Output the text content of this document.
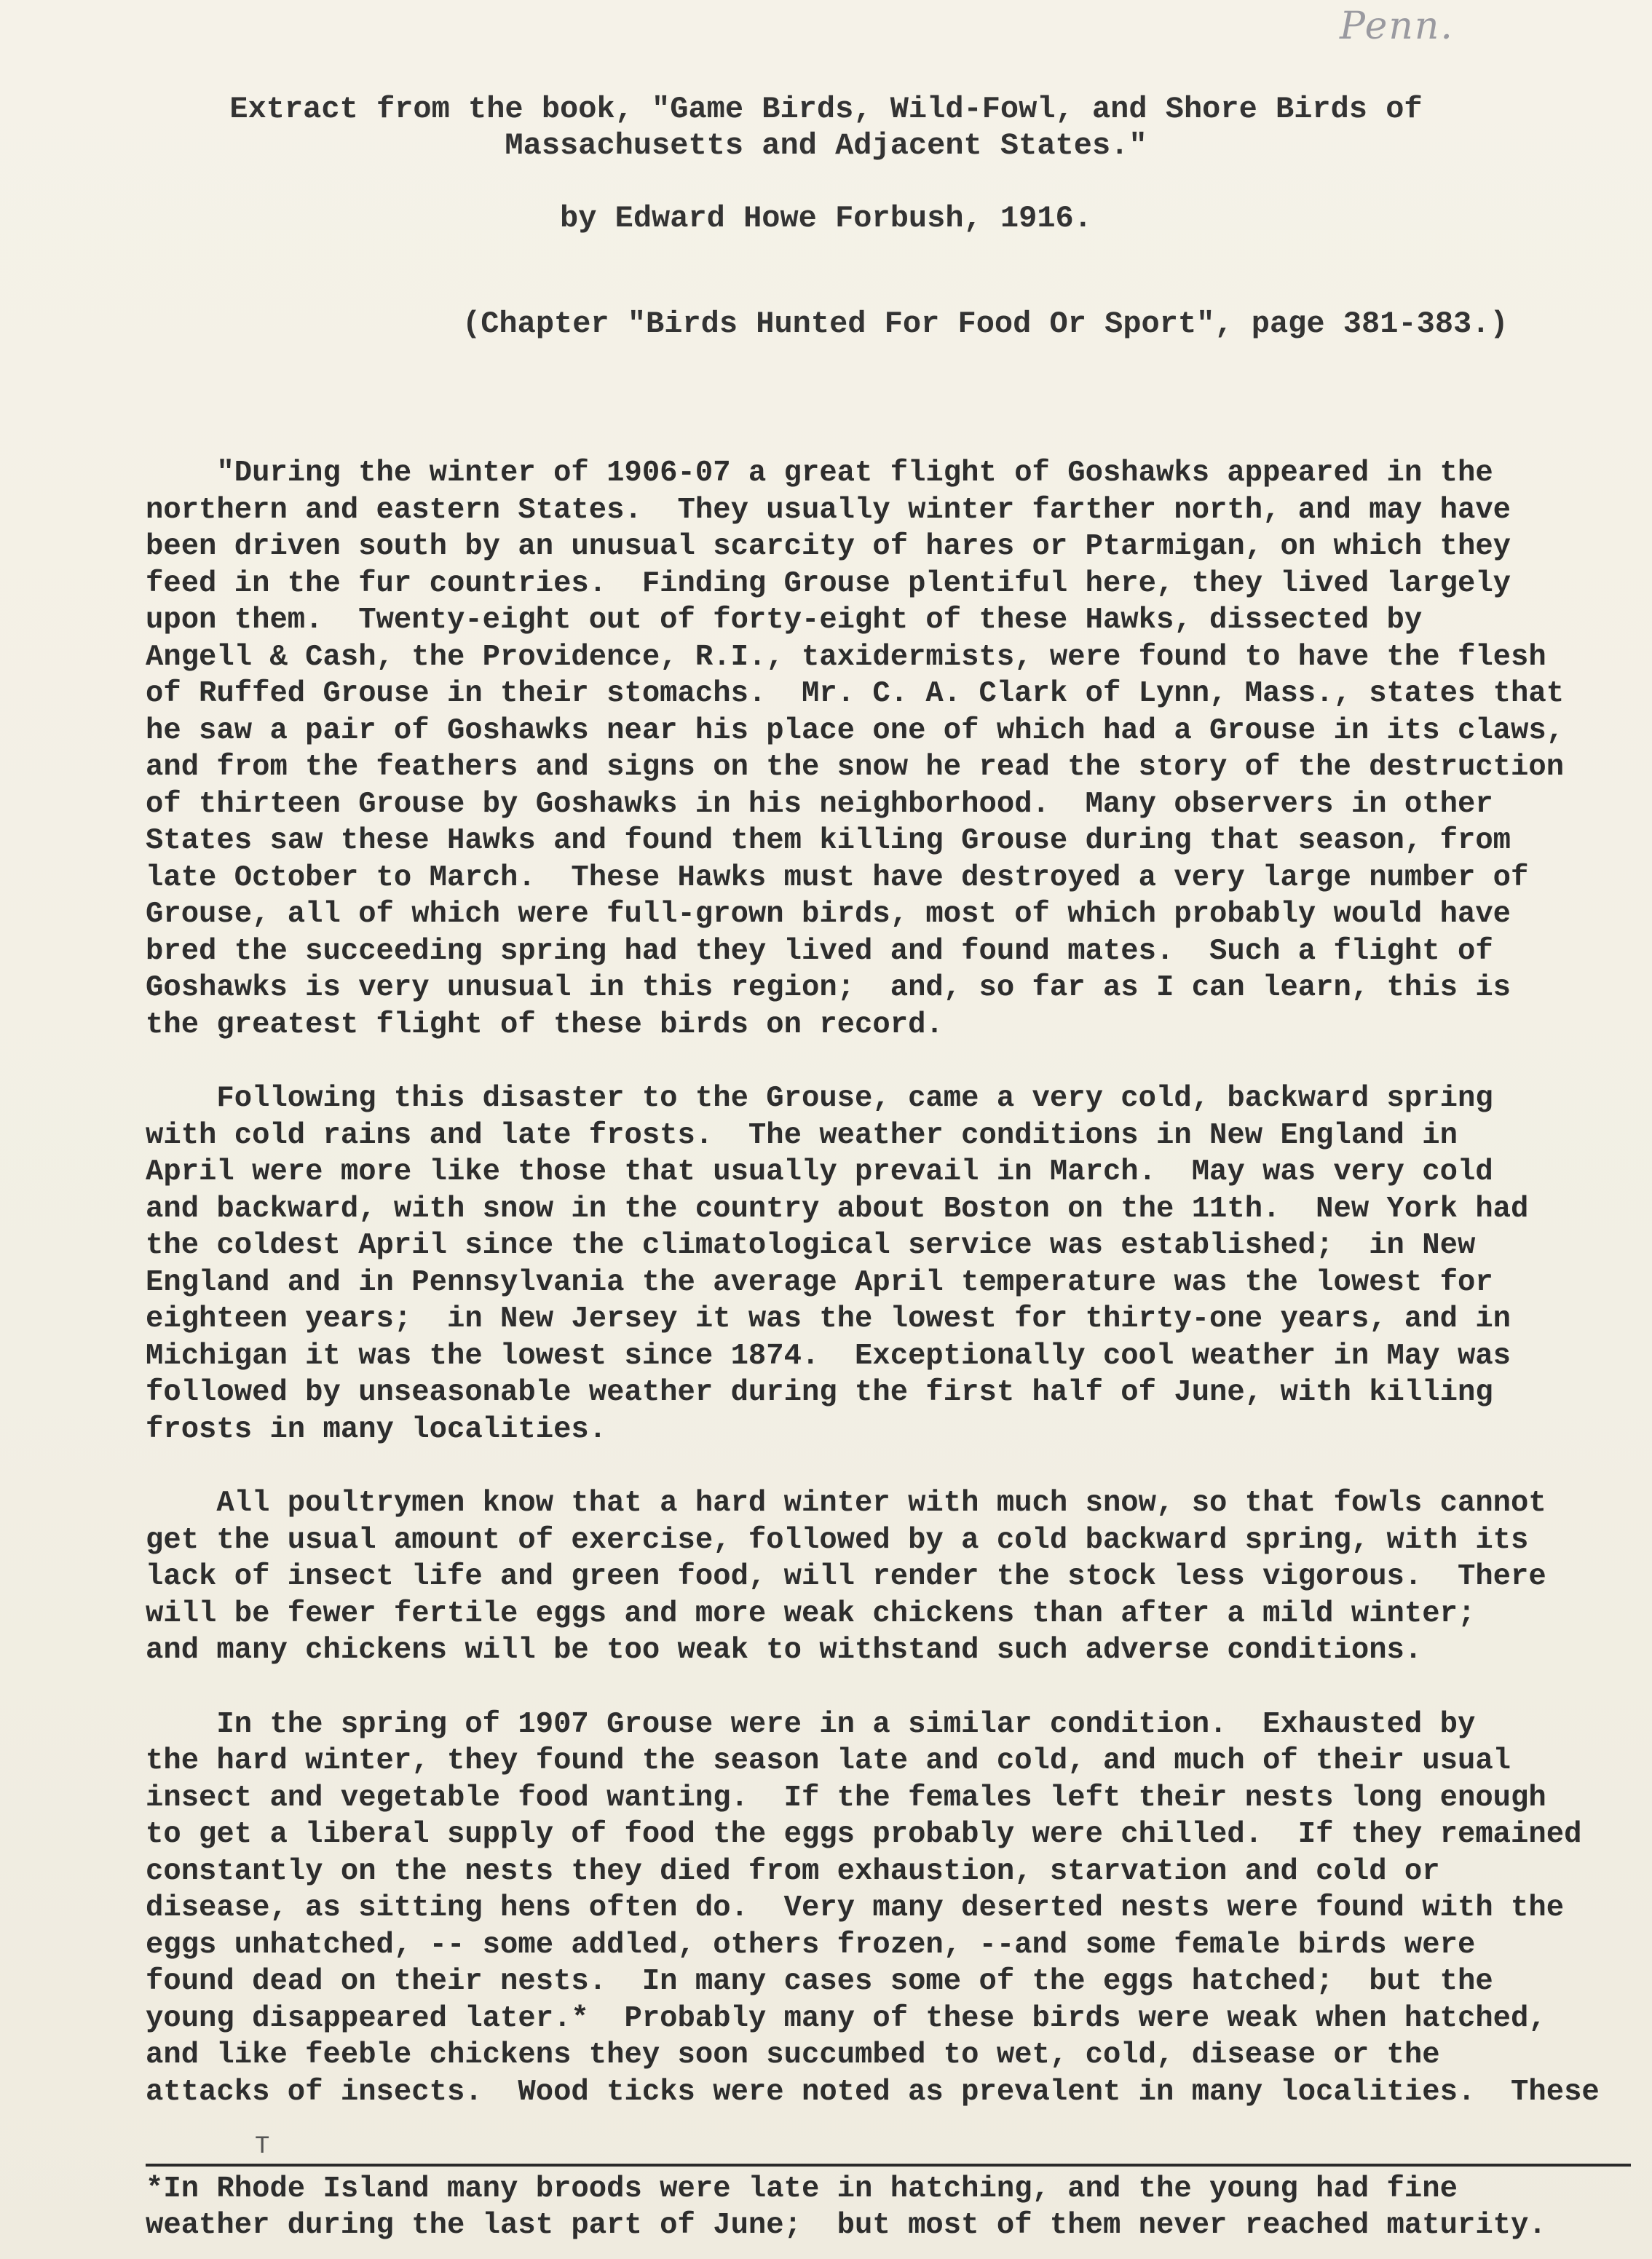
Penn.
Extract from the book, "Game Birds, Wild-Fowl, and Shore Birds of
Massachusetts and Adjacent States."
by Edward Howe Forbush, 1916.
(Chapter "Birds Hunted For Food Or Sport", page 381-383.)
"During the winter of 1906-07 a great flight of Goshawks appeared in the
northern and eastern States.  They usually winter farther north, and may have
been driven south by an unusual scarcity of hares or Ptarmigan, on which they
feed in the fur countries.  Finding Grouse plentiful here, they lived largely
upon them.  Twenty-eight out of forty-eight of these Hawks, dissected by
Angell & Cash, the Providence, R.I., taxidermists, were found to have the flesh
of Ruffed Grouse in their stomachs.  Mr. C. A. Clark of Lynn, Mass., states that
he saw a pair of Goshawks near his place one of which had a Grouse in its claws,
and from the feathers and signs on the snow he read the story of the destruction
of thirteen Grouse by Goshawks in his neighborhood.  Many observers in other
States saw these Hawks and found them killing Grouse during that season, from
late October to March.  These Hawks must have destroyed a very large number of
Grouse, all of which were full-grown birds, most of which probably would have
bred the succeeding spring had they lived and found mates.  Such a flight of
Goshawks is very unusual in this region;  and, so far as I can learn, this is
the greatest flight of these birds on record.
Following this disaster to the Grouse, came a very cold, backward spring
with cold rains and late frosts.  The weather conditions in New England in
April were more like those that usually prevail in March.  May was very cold
and backward, with snow in the country about Boston on the 11th.  New York had
the coldest April since the climatological service was established;  in New
England and in Pennsylvania the average April temperature was the lowest for
eighteen years;  in New Jersey it was the lowest for thirty-one years, and in
Michigan it was the lowest since 1874.  Exceptionally cool weather in May was
followed by unseasonable weather during the first half of June, with killing
frosts in many localities.
All poultrymen know that a hard winter with much snow, so that fowls cannot
get the usual amount of exercise, followed by a cold backward spring, with its
lack of insect life and green food, will render the stock less vigorous.  There
will be fewer fertile eggs and more weak chickens than after a mild winter;
and many chickens will be too weak to withstand such adverse conditions.
In the spring of 1907 Grouse were in a similar condition.  Exhausted by
the hard winter, they found the season late and cold, and much of their usual
insect and vegetable food wanting.  If the females left their nests long enough
to get a liberal supply of food the eggs probably were chilled.  If they remained
constantly on the nests they died from exhaustion, starvation and cold or
disease, as sitting hens often do.  Very many deserted nests were found with the
eggs unhatched, -- some addled, others frozen, --and some female birds were
found dead on their nests.  In many cases some of the eggs hatched;  but the
young disappeared later.*  Probably many of these birds were weak when hatched,
and like feeble chickens they soon succumbed to wet, cold, disease or the
attacks of insects.  Wood ticks were noted as prevalent in many localities.  These
T
*In Rhode Island many broods were late in hatching, and the young had fine
weather during the last part of June;  but most of them never reached maturity.
